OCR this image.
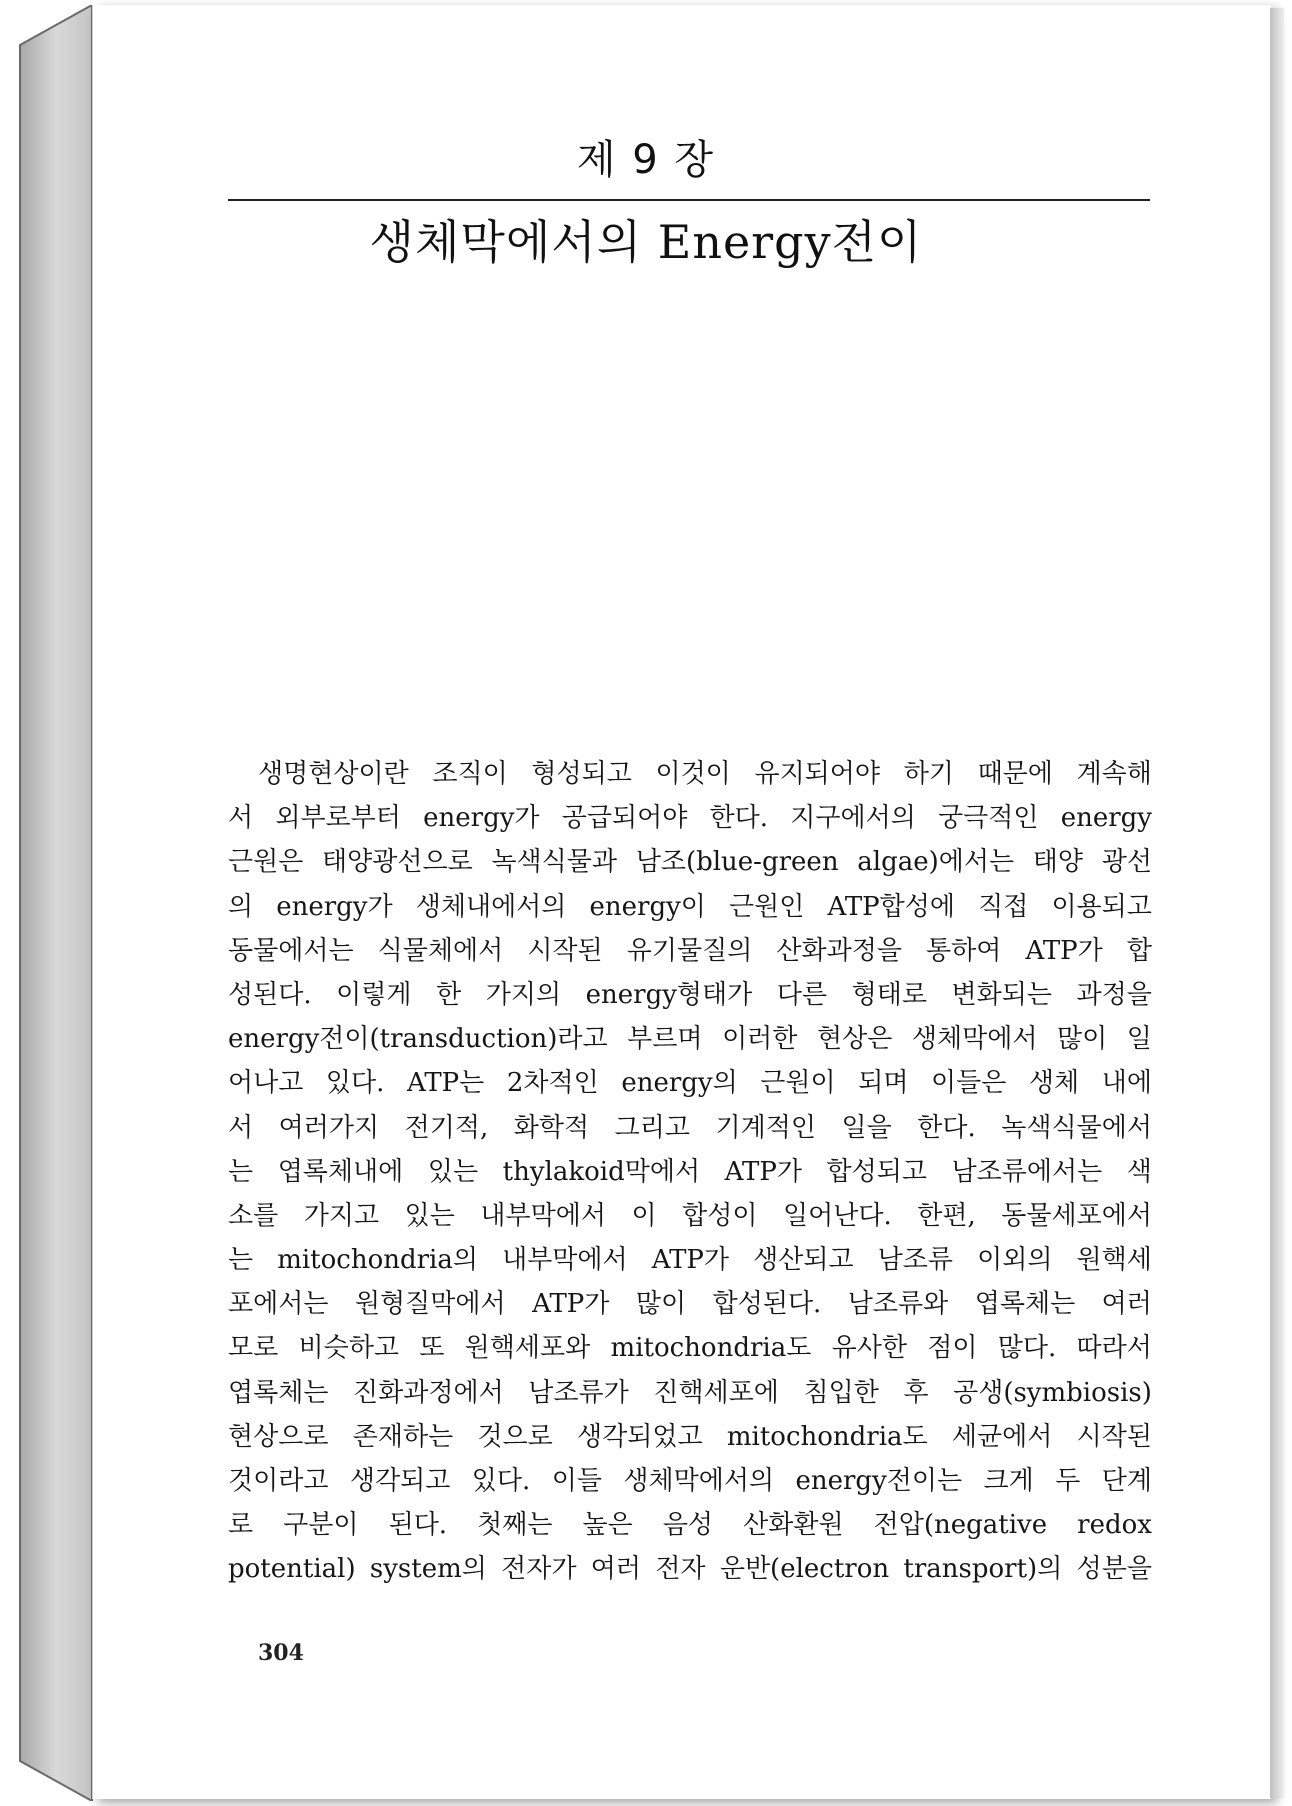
제 9 장
생체막에서의 Energy전이
생명현상이란 조직이 형성되고 이것이 유지되어야 하기 때문에 계속해
서 외부로부터 energy가 공급되어야 한다. 지구에서의 궁극적인 energy
근원은 태양광선으로 녹색식물과 남조(blue-green algae)에서는 태양 광선
의 energy가 생체내에서의 energy이 근원인 ATP합성에 직접 이용되고
동물에서는 식물체에서 시작된 유기물질의 산화과정을 통하여 ATP가 합
성된다. 이렇게 한 가지의 energy형태가 다른 형태로 변화되는 과정을
energy전이(transduction)라고 부르며 이러한 현상은 생체막에서 많이 일
어나고 있다. ATP는 2차적인 energy의 근원이 되며 이들은 생체 내에
서 여러가지 전기적, 화학적 그리고 기계적인 일을 한다. 녹색식물에서
는 엽록체내에 있는 thylakoid막에서 ATP가 합성되고 남조류에서는 색
소를 가지고 있는 내부막에서 이 합성이 일어난다. 한편, 동물세포에서
는 mitochondria의 내부막에서 ATP가 생산되고 남조류 이외의 원핵세
포에서는 원형질막에서 ATP가 많이 합성된다. 남조류와 엽록체는 여러
모로 비슷하고 또 원핵세포와 mitochondria도 유사한 점이 많다. 따라서
엽록체는 진화과정에서 남조류가 진핵세포에 침입한 후 공생(symbiosis)
현상으로 존재하는 것으로 생각되었고 mitochondria도 세균에서 시작된
것이라고 생각되고 있다. 이들 생체막에서의 energy전이는 크게 두 단계
로 구분이 된다. 첫째는 높은 음성 산화환원 전압(negative redox
potential) system의 전자가 여러 전자 운반(electron transport)의 성분을
304
